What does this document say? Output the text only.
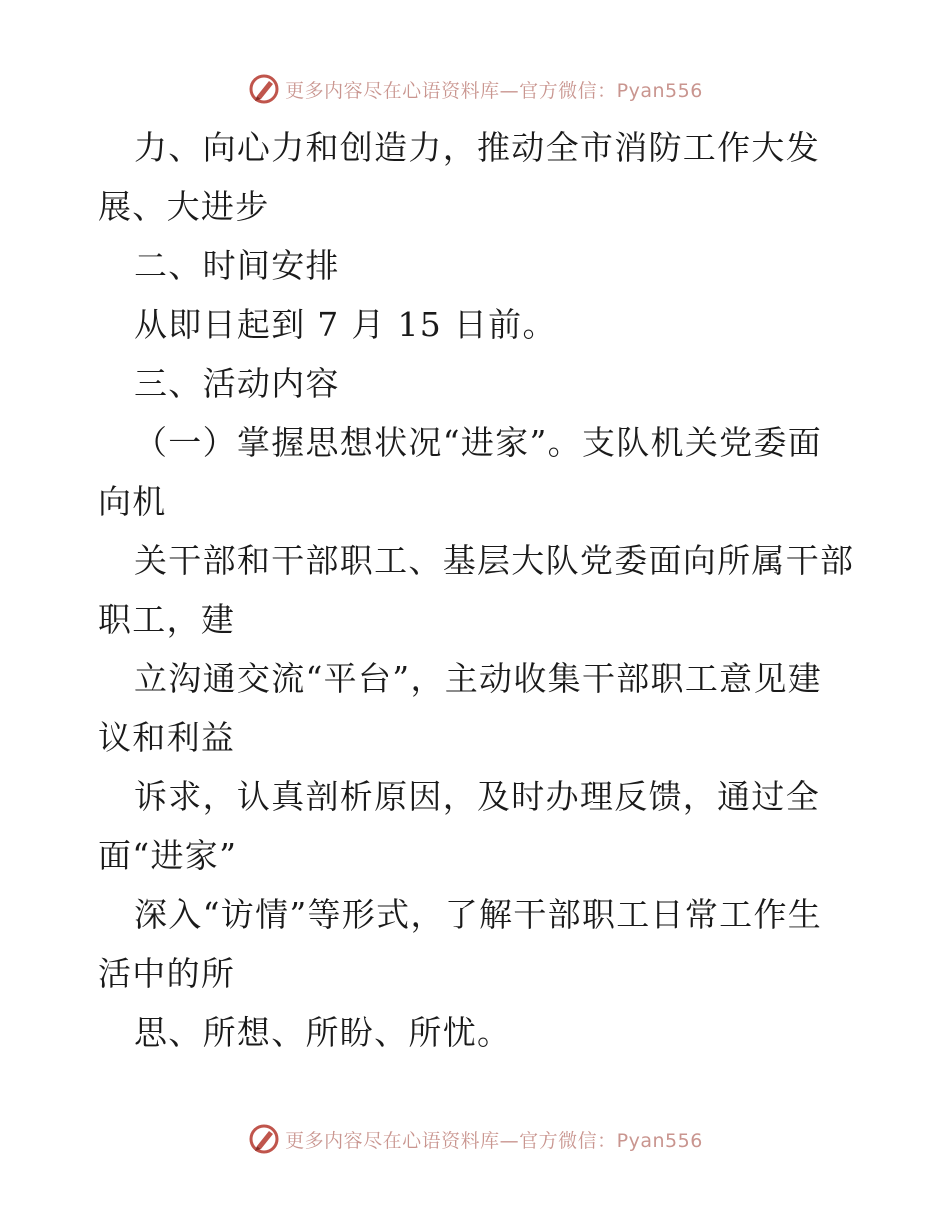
更多内容尽在心语资料库—官方微信：Pyan556

力、向心力和创造力，推动全市消防工作大发

展、大进步

二、时间安排

从即日起到 7 月 15 日前。

三、活动内容

（一）掌握思想状况“进家”。支队机关党委面

向机

关干部和干部职工、基层大队党委面向所属干部

职工，建

立沟通交流“平台”，主动收集干部职工意见建

议和利益

诉求，认真剖析原因，及时办理反馈，通过全

面“进家”

深入“访情”等形式，了解干部职工日常工作生

活中的所

思、所想、所盼、所忧。

更多内容尽在心语资料库—官方微信：Pyan556
